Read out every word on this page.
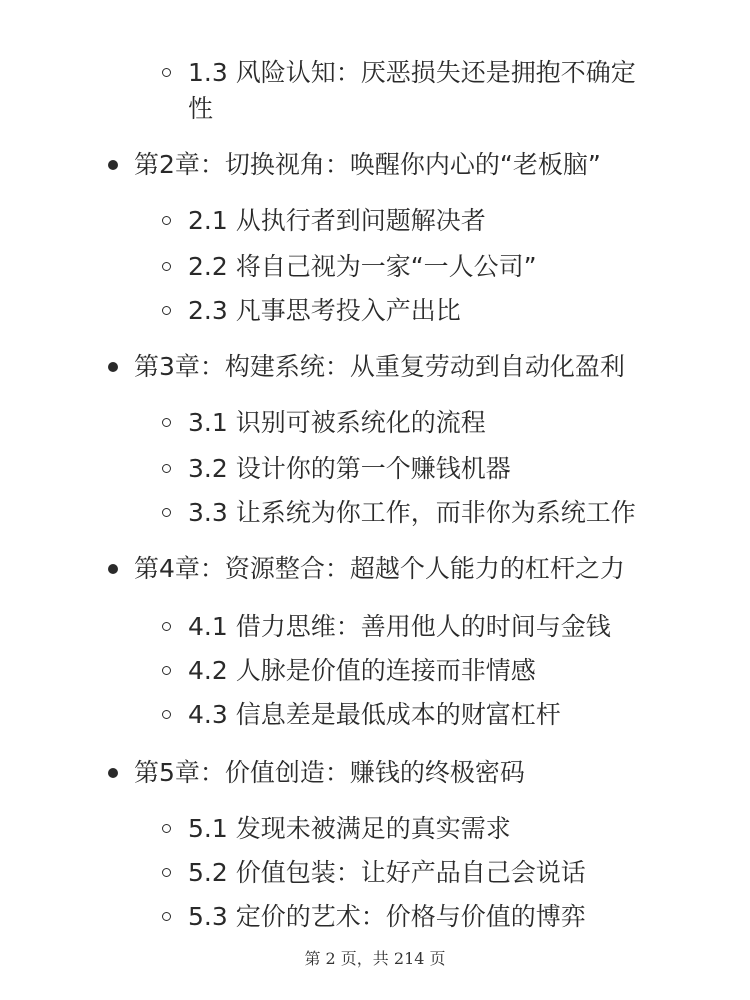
1.3 风险认知：厌恶损失还是拥抱不确定
性
第2章：切换视角：唤醒你内心的“老板脑”
2.1 从执行者到问题解决者
2.2 将自己视为一家“一人公司”
2.3 凡事思考投入产出比
第3章：构建系统：从重复劳动到自动化盈利
3.1 识别可被系统化的流程
3.2 设计你的第一个赚钱机器
3.3 让系统为你工作，而非你为系统工作
第4章：资源整合：超越个人能力的杠杆之力
4.1 借力思维：善用他人的时间与金钱
4.2 人脉是价值的连接而非情感
4.3 信息差是最低成本的财富杠杆
第5章：价值创造：赚钱的终极密码
5.1 发现未被满足的真实需求
5.2 价值包装：让好产品自己会说话
5.3 定价的艺术：价格与价值的博弈
第 2 页，共 214 页
